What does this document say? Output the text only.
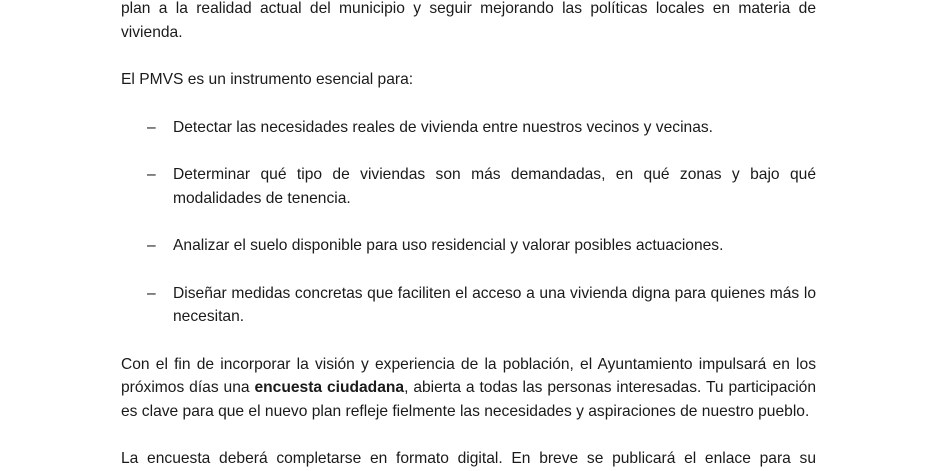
plan a la realidad actual del municipio y seguir mejorando las políticas locales en materia de vivienda.

El PMVS es un instrumento esencial para:

– Detectar las necesidades reales de vivienda entre nuestros vecinos y vecinas.
– Determinar qué tipo de viviendas son más demandadas, en qué zonas y bajo qué modalidades de tenencia.
– Analizar el suelo disponible para uso residencial y valorar posibles actuaciones.
– Diseñar medidas concretas que faciliten el acceso a una vivienda digna para quienes más lo necesitan.

Con el fin de incorporar la visión y experiencia de la población, el Ayuntamiento impulsará en los próximos días una encuesta ciudadana, abierta a todas las personas interesadas. Tu participación es clave para que el nuevo plan refleje fielmente las necesidades y aspiraciones de nuestro pueblo.

La encuesta deberá completarse en formato digital. En breve se publicará el enlace para su
